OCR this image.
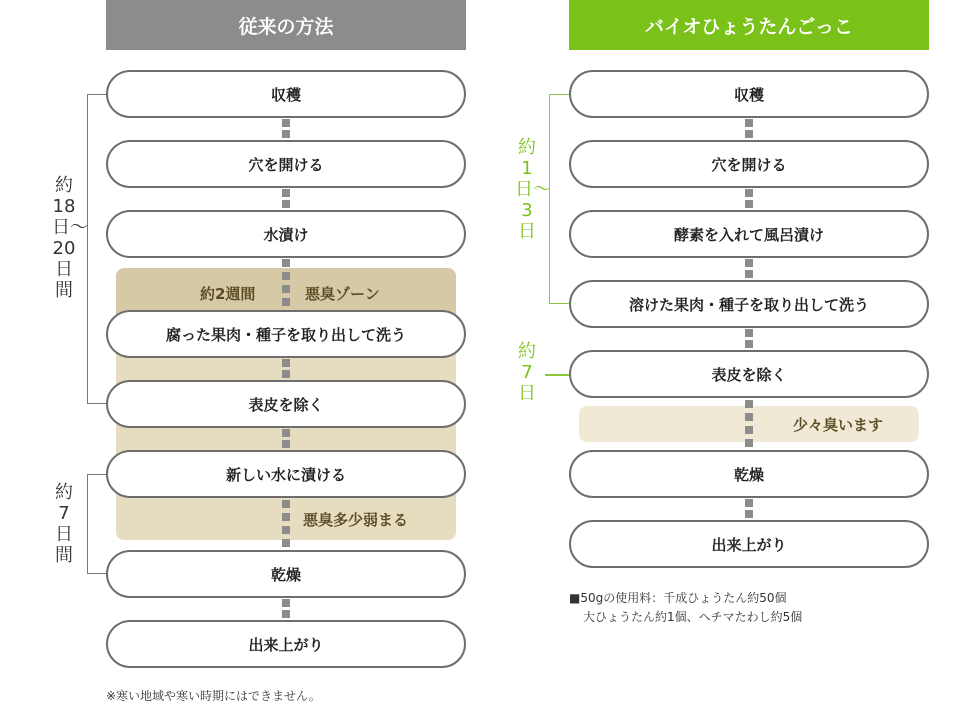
従来の方法
約2週間	悪臭ゾーン
悪臭多少弱まる
収穫
穴を開ける
水漬け
腐った果肉・種子を取り出して洗う
表皮を除く
新しい水に漬ける
乾燥
出来上がり
約18日〜20日間
約7日間
※寒い地域や寒い時期にはできません。
バイオひょうたんごっこ
少々臭います
収穫
穴を開ける
酵素を入れて風呂漬け
溶けた果肉・種子を取り出して洗う
表皮を除く
乾燥
出来上がり
約1日〜3日
約7日
■50gの使用料：千成ひょうたん約50個
大ひょうたん約1個、ヘチマたわし約5個
